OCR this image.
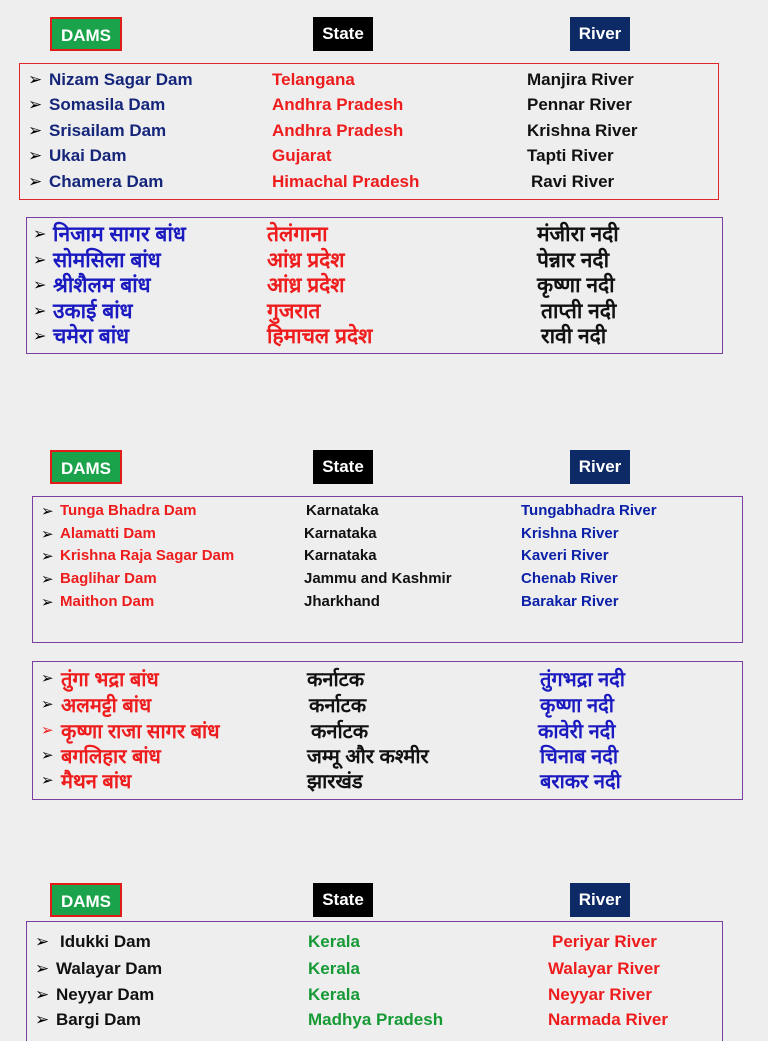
DAMS	State	River
➢ Nizam Sagar Dam	Telangana	Manjira River
➢ Somasila Dam	Andhra Pradesh	Pennar River
➢ Srisailam Dam	Andhra Pradesh	Krishna River
➢ Ukai Dam	Gujarat	Tapti River
➢ Chamera Dam	Himachal Pradesh	Ravi River
➢ निजाम सागर बांध	तेलंगाना	मंजीरा नदी
➢ सोमसिला बांध	आंध्र प्रदेश	पेन्नार नदी
➢ श्रीशैलम बांध	आंध्र प्रदेश	कृष्णा नदी
➢ उकाई बांध	गुजरात	ताप्ती नदी
➢ चमेरा बांध	हिमाचल प्रदेश	रावी नदी
DAMS	State	River
➢ Tunga Bhadra Dam	Karnataka	Tungabhadra River
➢ Alamatti Dam	Karnataka	Krishna River
➢ Krishna Raja Sagar Dam	Karnataka	Kaveri River
➢ Baglihar Dam	Jammu and Kashmir	Chenab River
➢ Maithon Dam	Jharkhand	Barakar River
➢ तुंगा भद्रा बांध	कर्नाटक	तुंगभद्रा नदी
➢ अलमट्टी बांध	कर्नाटक	कृष्णा नदी
➢ कृष्णा राजा सागर बांध	कर्नाटक	कावेरी नदी
➢ बगलिहार बांध	जम्मू और कश्मीर	चिनाब नदी
➢ मैथन बांध	झारखंड	बराकर नदी
DAMS	State	River
➢ Idukki Dam	Kerala	Periyar River
➢ Walayar Dam	Kerala	Walayar River
➢ Neyyar Dam	Kerala	Neyyar River
➢ Bargi Dam	Madhya Pradesh	Narmada River
